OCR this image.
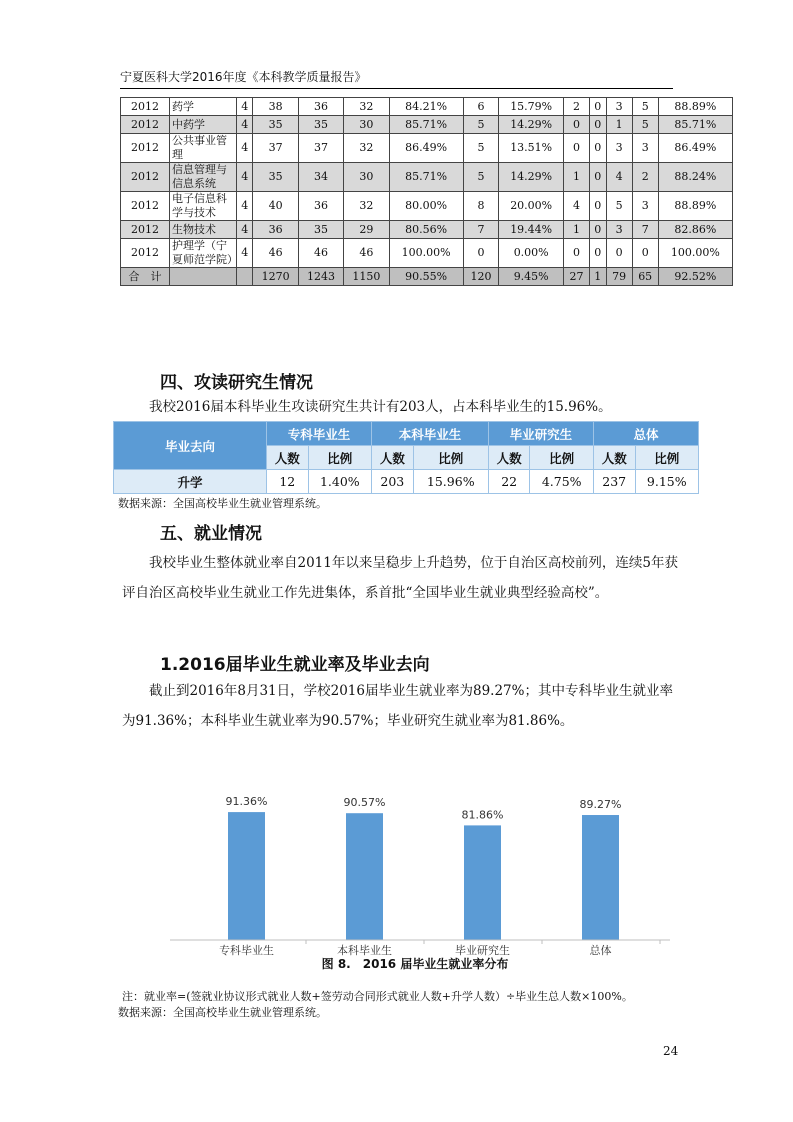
宁夏医科大学2016年度《本科教学质量报告》
2012	药学	4	38	36	32	84.21%	6	15.79%	2	0	3	5	88.89%
2012	中药学	4	35	35	30	85.71%	5	14.29%	0	0	1	5	85.71%
2012	公共事业管理	4	37	37	32	86.49%	5	13.51%	0	0	3	3	86.49%
2012	信息管理与信息系统	4	35	34	30	85.71%	5	14.29%	1	0	4	2	88.24%
2012	电子信息科学与技术	4	40	36	32	80.00%	8	20.00%	4	0	5	3	88.89%
2012	生物技术	4	36	35	29	80.56%	7	19.44%	1	0	3	7	82.86%
2012	护理学（宁夏师范学院）	4	46	46	46	100.00%	0	0.00%	0	0	0	0	100.00%
合　计			1270	1243	1150	90.55%	120	9.45%	27	1	79	65	92.52%
四、攻读研究生情况
我校2016届本科毕业生攻读研究生共计有203人，占本科毕业生的15.96%。
毕业去向	专科毕业生		本科毕业生		毕业研究生		总体	
	人数	比例	人数	比例	人数	比例	人数	比例
升学	12	1.40%	203	15.96%	22	4.75%	237	9.15%
数据来源：全国高校毕业生就业管理系统。
五、就业情况
我校毕业生整体就业率自2011年以来呈稳步上升趋势，位于自治区高校前列，连续5年获评自治区高校毕业生就业工作先进集体，系首批“全国毕业生就业典型经验高校”。
1.2016届毕业生就业率及毕业去向
截止到2016年8月31日，学校2016届毕业生就业率为89.27%；其中专科毕业生就业率为91.36%；本科毕业生就业率为90.57%；毕业研究生就业率为81.86%。
91.36%
专科毕业生
90.57%
本科毕业生
81.86%
毕业研究生
89.27%
总体
图 8.　2016 届毕业生就业率分布
注：就业率=(签就业协议形式就业人数+签劳动合同形式就业人数+升学人数）÷毕业生总人数×100%。
数据来源：全国高校毕业生就业管理系统。
24
